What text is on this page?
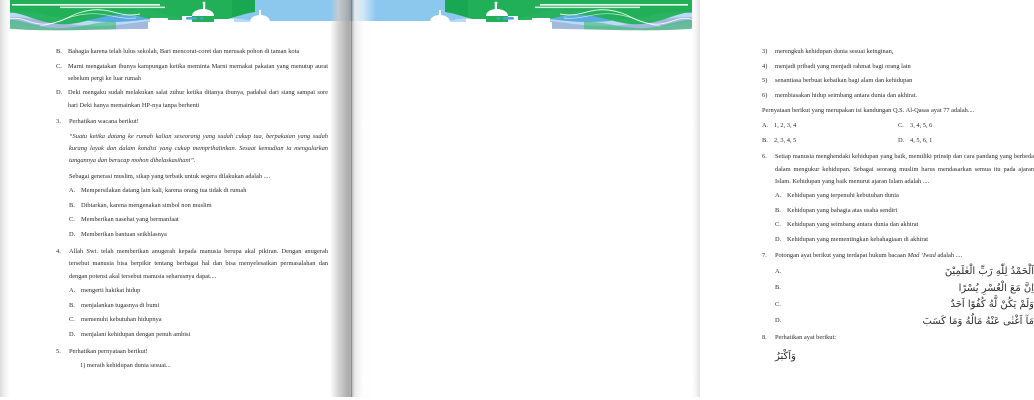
B. Bahagia karena telah lulus sekolah, Bari mencorat-coret dan merusak pohon di taman kota
C. Marni mengatakan ibunya kampungan ketika meminta Marni memakai pakaian yang menutup aurat sebelum pergi ke luar rumah
D. Deki mengaku sudah melakukan salat zuhur ketika ditanya ibunya, padahal dari siang sampai sore hari Deki hanya memainkan HP-nya tanpa berhenti
3.	Perhatikan wacana berikut!
“Suatu ketika datang ke rumah kalian seseorang yang sudah cukup tua, berpakaian yang sudah kurang layak dan dalam kondisi yang cukup memprihatinkan. Sesaat kemudian ia mengulurkan tangannya dan berucap mohon dibelaskasihani”.
Sebagai generasi muslim, sikap yang terbaik untuk segera dilakukan adalah ....
A. Mempersilakan datang lain kali, karena orang tua tidak di rumah
B. Dibiarkan, karena mengenakan simbol non muslim
C. Memberikan nasehat yang bermanfaat
D. Memberikan bantuan seikhlasnya
4.	Allah Swt. telah memberikan anugerah kepada manusia berupa akal pikiran. Dengan anugerah tersebut manusia bisa berpikir tentang berbagai hal dan bisa menyelesaikan permasalahan dan dengan potensi akal tersebut manusia seharusnya dapat....
A. mengerti hakikat hidup
B. menjalankan tugasnya di bumi
C. memenuhi kebutuhan hidupnya
D. menjalani kehidupan dengan penuh ambisi
5.	Perhatikan pernyataan berikut!
1) meraih kehidupan dunia sesuai...
3)	merengkuh kehidupan dunia sesuai keinginan,
4)	menjadi pribadi yang menjadi rahmat bagi orang lain
5)	senantiasa berbuat kebaikan bagi alam dan kehidupan
6)	membiasakan hidup seimbang antara dunia dan akhirat.
Pernyataan berikut yang merupakan isi kandungan Q.S. Al-Qasas ayat 77 adalah....
A. 1, 2, 3, 4	C. 3, 4, 5, 6
B. 2, 3, 4, 5	D. 4, 5, 6, 1
6.	Setiap manusia menghendaki kehidupan yang baik, memiliki prinsip dan cara pandang yang berbeda dalam mengukur kehidupan. Sebagai seorang muslim harus mendasarkan semua itu pada ajaran Islam. Kehidupan yang baik menurut ajaran Islam adalah ....
A. Kehidupan yang terpenuhi kebutuhan dunia
B. Kehidupan yang bahagia atas usaha sendiri
C. Kehidupan yang seimbang antara dunia dan akhirat
D. Kehidupan yang mementingkan kebahagiaan di akhirat
7.	Potongan ayat berikut yang terdapat hukum bacaan Mad ‘Iwad adalah ....
A.	اَلْحَمْدُ لِلّٰهِ رَبِّ الْعٰلَمِيْنَ
B.	اِنَّ مَعَ الْعُسْرِ يُسْرًا
C.	وَلَمْ يَكُنْ لَّهُ كُفُوًا اَحَدٌ
D.	مَآ اَغْنٰى عَنْهُ مَالُهُ وَمَا كَسَبَ
8.	Perhatikan ayat berikut:
وَاَكْبَرُ
